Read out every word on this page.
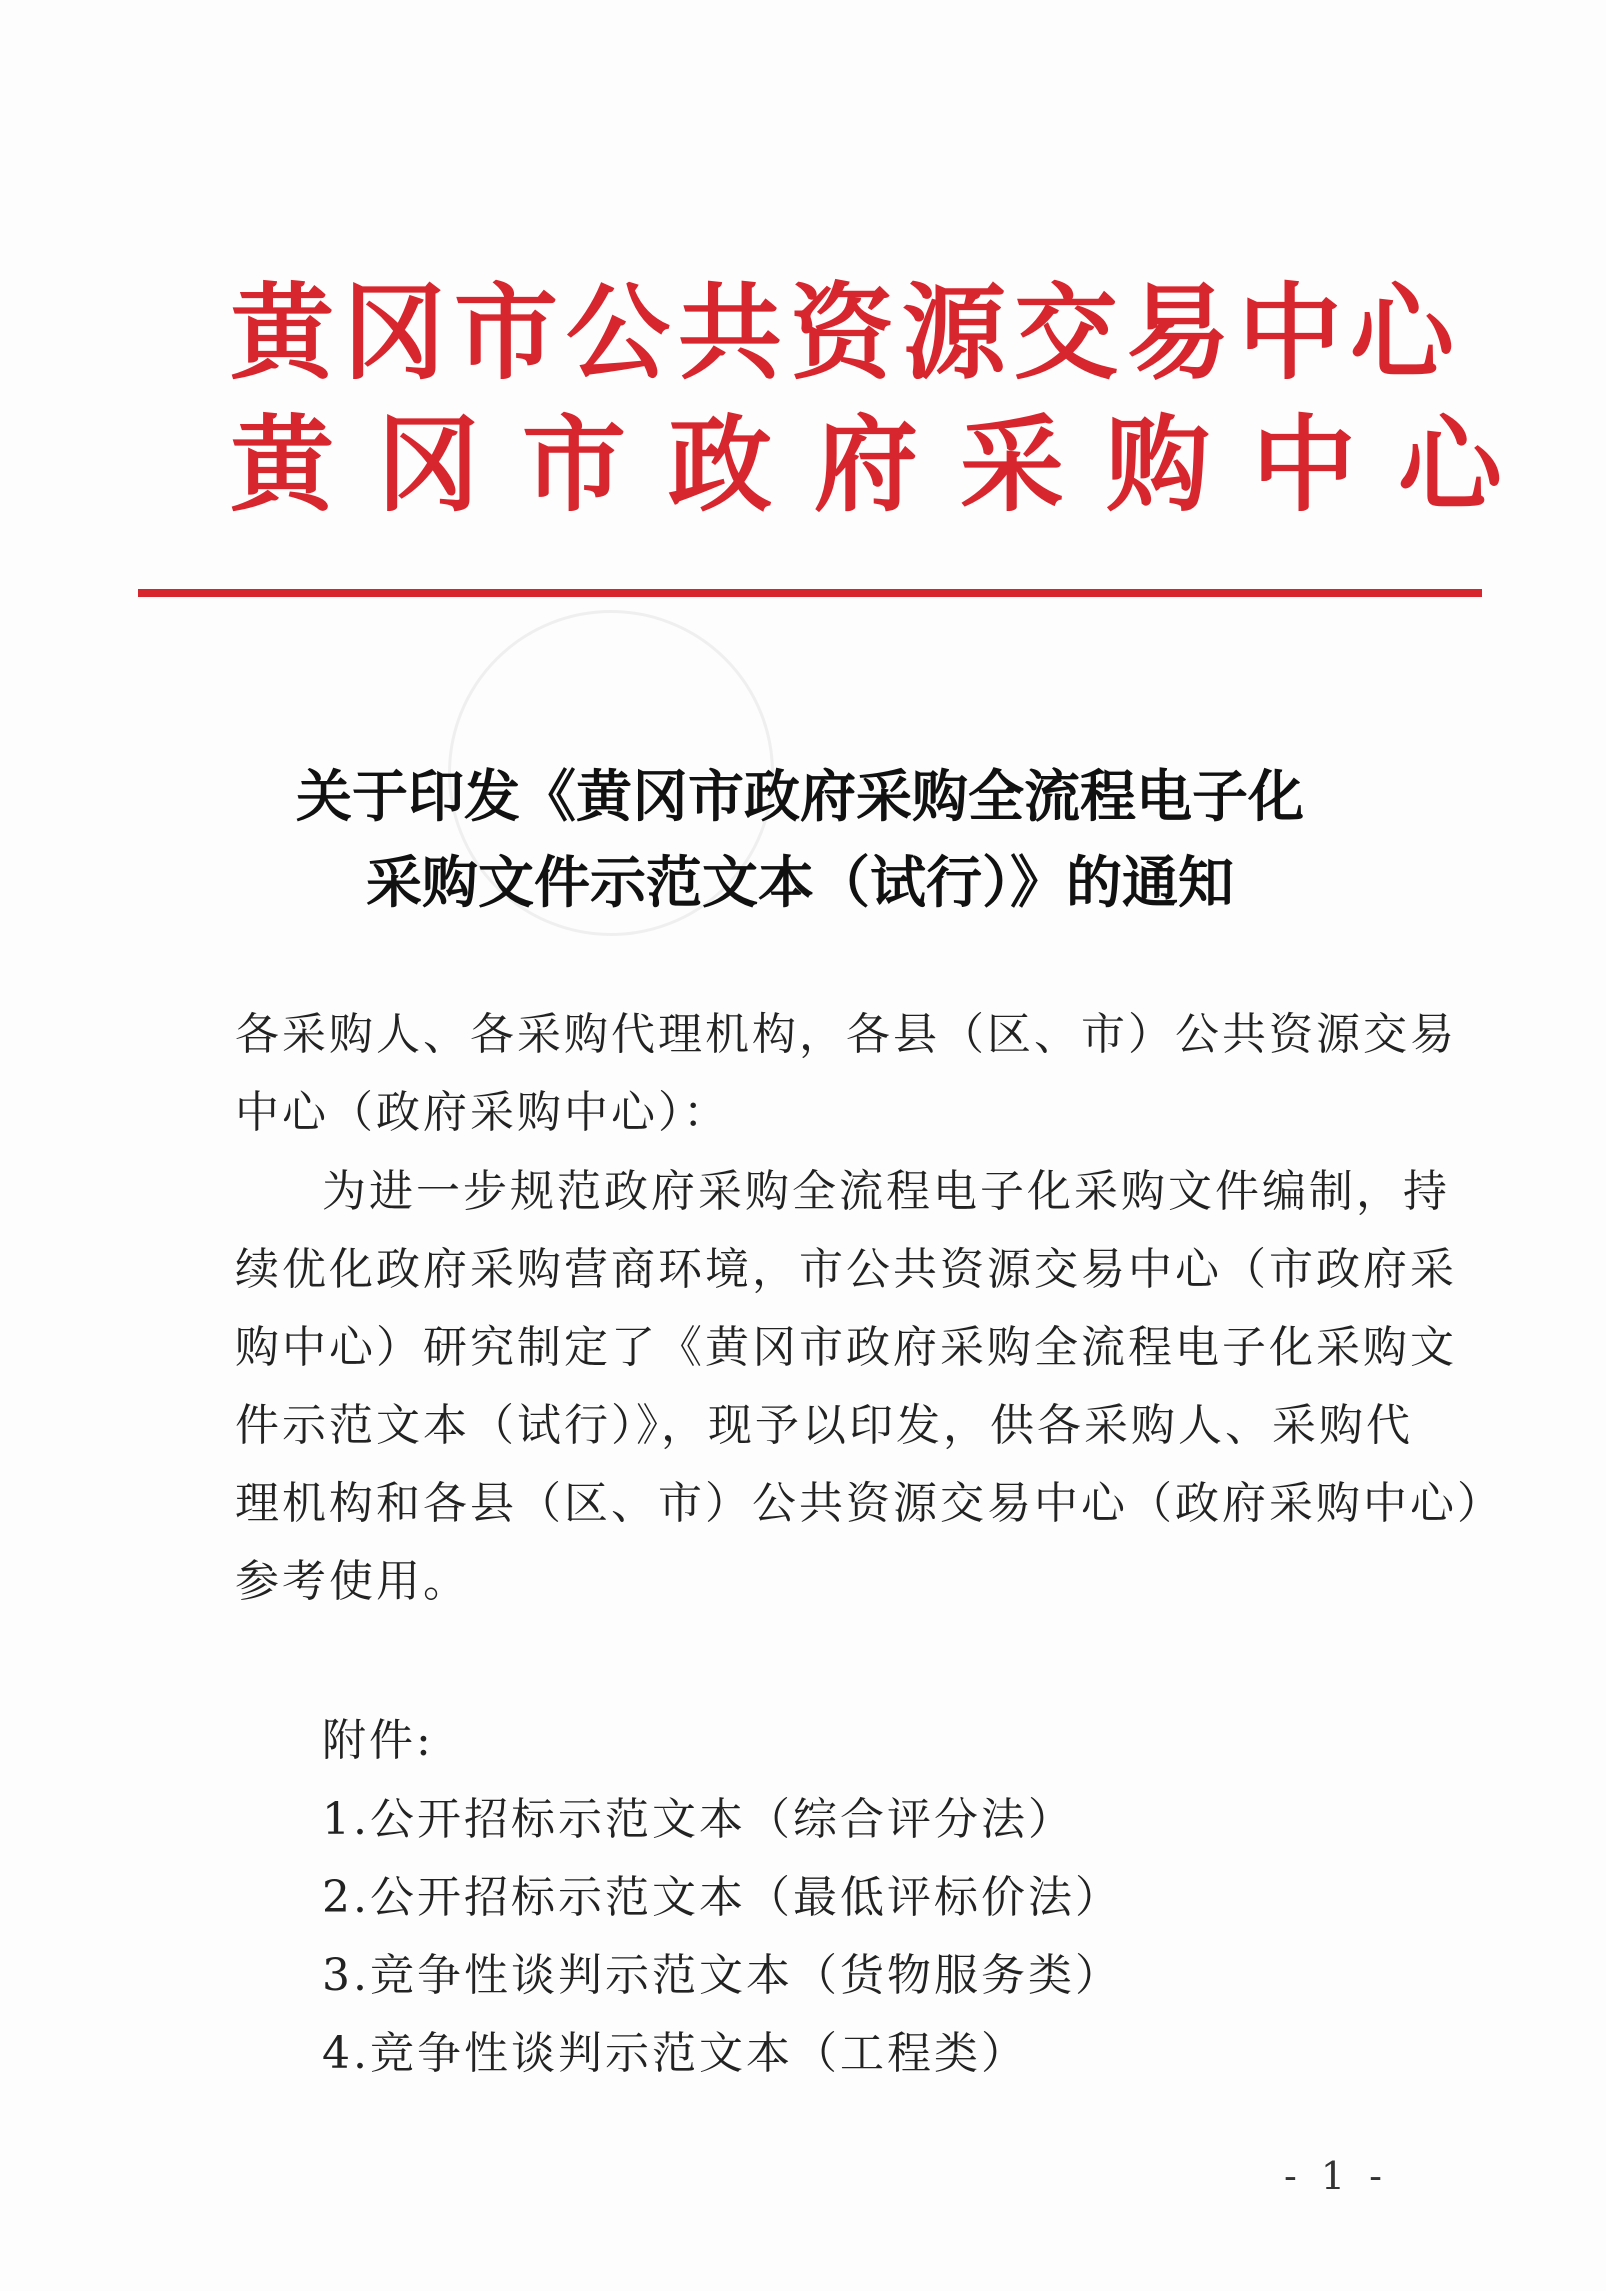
黄冈市公共资源交易中心
黄冈市政府采购中心
关于印发《黄冈市政府采购全流程电子化
采购文件示范文本（试行）》的通知
各采购人、各采购代理机构，各县（区、市）公共资源交易
中心（政府采购中心）：
为进一步规范政府采购全流程电子化采购文件编制，持
续优化政府采购营商环境，市公共资源交易中心（市政府采
购中心）研究制定了《黄冈市政府采购全流程电子化采购文
件示范文本（试行）》，现予以印发，供各采购人、采购代
理机构和各县（区、市）公共资源交易中心（政府采购中心）
参考使用。
附件:
1.公开招标示范文本（综合评分法）
2.公开招标示范文本（最低评标价法）
3.竞争性谈判示范文本（货物服务类）
4.竞争性谈判示范文本（工程类）
- 1 -
